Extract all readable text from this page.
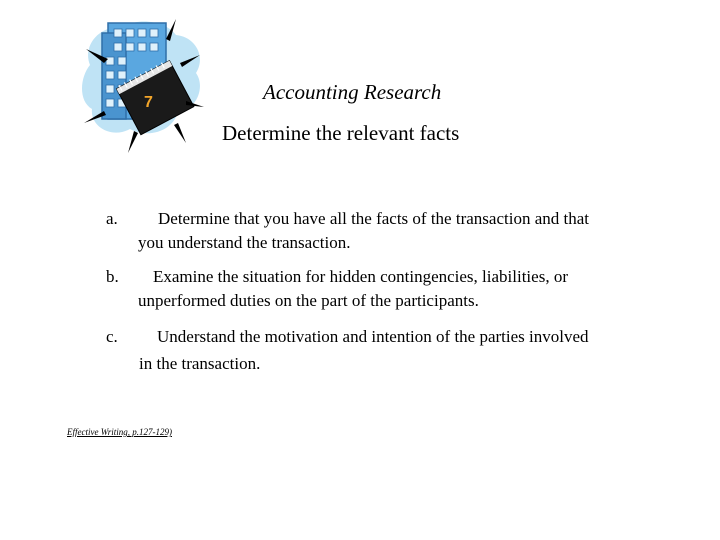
7	Accounting Research
Determine the relevant facts
a.	Determine that you have all the facts of the transaction and that
you understand the transaction.
b.	Examine the situation for hidden contingencies, liabilities, or
unperformed duties on the part of the participants.
c.	Understand the motivation and intention of the parties involved
in the transaction.
Effective Writing, p.127-129)
